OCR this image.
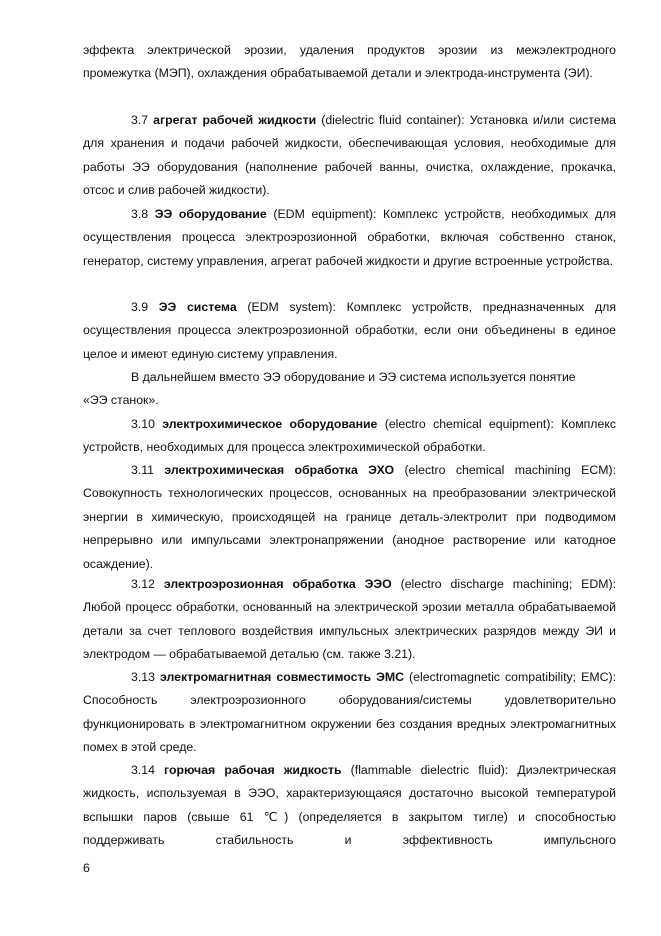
эффекта электрической эрозии, удаления продуктов эрозии из межэлектродного промежутка (МЭП), охлаждения обрабатываемой детали и электрода-инструмента (ЭИ).

3.7 агрегат рабочей жидкости (dielectric fluid container): Установка и/или система для хранения и подачи рабочей жидкости, обеспечивающая условия, необходимые для работы ЭЭ оборудования (наполнение рабочей ванны, очистка, охлаждение, прокачка, отсос и слив рабочей жидкости).

3.8 ЭЭ оборудование (EDM equipment): Комплекс устройств, необходимых для осуществления процесса электроэрозионной обработки, включая собственно станок, генератор, систему управления, агрегат рабочей жидкости и другие встроенные устройства.

3.9 ЭЭ система (EDM system): Комплекс устройств, предназначенных для осуществления процесса электроэрозионной обработки, если они объединены в единое целое и имеют единую систему управления.

В дальнейшем вместо ЭЭ оборудование и ЭЭ система используется понятие

«ЭЭ станок».

3.10 электрохимическое оборудование (electro chemical equipment): Комплекс устройств, необходимых для процесса электрохимической обработки.

3.11 электрохимическая обработка ЭХО (electro chemical machining ECM): Совокупность технологических процессов, основанных на преобразовании электрической энергии в химическую, происходящей на границе деталь-электролит при подводимом непрерывно или импульсами электронапряжении (анодное растворение или катодное осаждение).

3.12 электроэрозионная обработка ЭЭО (electro discharge machining; EDM): Любой процесс обработки, основанный на электрической эрозии металла обрабатываемой детали за счет теплового воздействия импульсных электрических разрядов между ЭИ и электродом — обрабатываемой деталью (см. также 3.21).

3.13 электромагнитная совместимость ЭМС (electromagnetic compatibility; EMC): Способность электроэрозионного оборудования/системы удовлетворительно функционировать в электромагнитном окружении без создания вредных электромагнитных помех в этой среде.

3.14 горючая рабочая жидкость (flammable dielectric fluid): Диэлектрическая жидкость, используемая в ЭЭО, характеризующаяся достаточно высокой температурой вспышки паров (свыше 61 ℃) (определяется в закрытом тигле) и способностью поддерживать стабильность и эффективность импульсного

6
